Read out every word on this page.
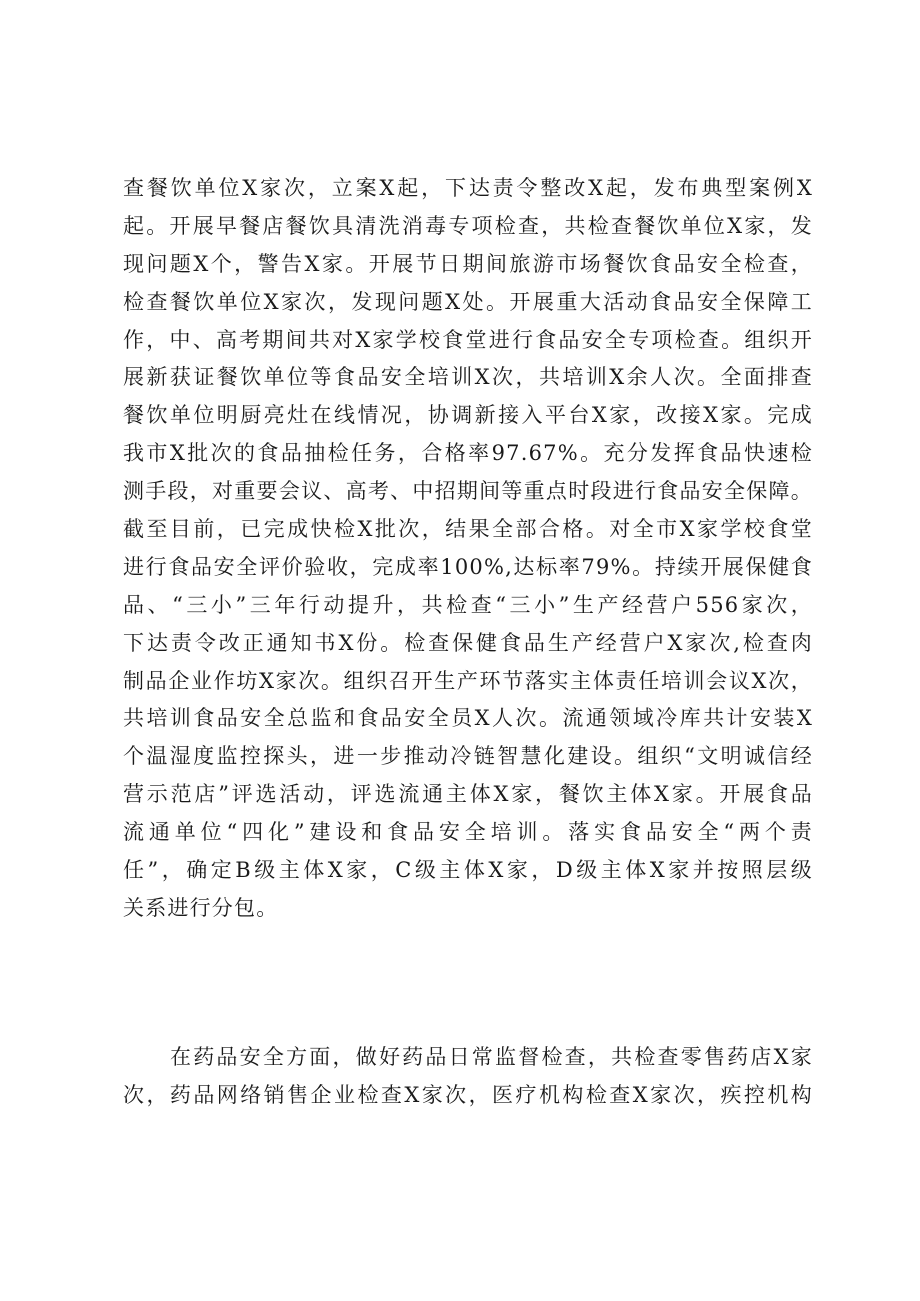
查餐饮单位X家次，立案X起，下达责令整改X起，发布典型案例X
起。开展早餐店餐饮具清洗消毒专项检查，共检查餐饮单位X家，发
现问题X个，警告X家。开展节日期间旅游市场餐饮食品安全检查，
检查餐饮单位X家次，发现问题X处。开展重大活动食品安全保障工
作，中、高考期间共对X家学校食堂进行食品安全专项检查。组织开
展新获证餐饮单位等食品安全培训X次，共培训X余人次。全面排查
餐饮单位明厨亮灶在线情况，协调新接入平台X家，改接X家。完成
我市X批次的食品抽检任务，合格率97.67%。充分发挥食品快速检
测手段，对重要会议、高考、中招期间等重点时段进行食品安全保障。
截至目前，已完成快检X批次，结果全部合格。对全市X家学校食堂
进行食品安全评价验收，完成率100%,达标率79%。持续开展保健食
品、“三小”三年行动提升，共检查“三小”生产经营户556家次，
下达责令改正通知书X份。检查保健食品生产经营户X家次,检查肉
制品企业作坊X家次。组织召开生产环节落实主体责任培训会议X次，
共培训食品安全总监和食品安全员X人次。流通领域冷库共计安装X
个温湿度监控探头，进一步推动冷链智慧化建设。组织“文明诚信经
营示范店”评选活动，评选流通主体X家，餐饮主体X家。开展食品
流通单位“四化”建设和食品安全培训。落实食品安全“两个责
任”，确定B级主体X家，C级主体X家，D级主体X家并按照层级
关系进行分包。
在药品安全方面，做好药品日常监督检查，共检查零售药店X家
次，药品网络销售企业检查X家次，医疗机构检查X家次，疾控机构
